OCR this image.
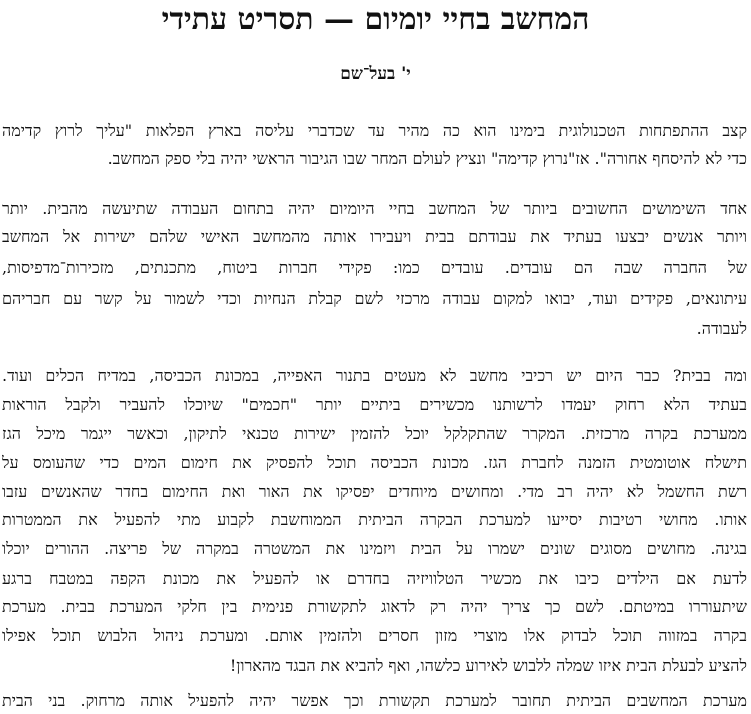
המחשב בחיי יומיום — תסריט עתידי
י' בעל־שם
קצב ההתפתחות הטכנולוגית בימינו הוא כה מהיר עד שכדברי עליסה בארץ הפלאות "עליך לרוץ קדימה
כדי לא להיסחף אחורה". אז"נרוץ קדימה" ונציץ לעולם המחר שבו הגיבור הראשי יהיה בלי ספק המחשב.
אחד השימושים החשובים ביותר של המחשב בחיי היומיום יהיה בתחום העבודה שתיעשה מהבית. יותר
ויותר אנשים יבצעו בעתיד את עבודתם בבית ויעבירו אותה מהמחשב האישי שלהם ישירות אל המחשב
של החברה שבה הם עובדים. עובדים כמו: פקידי חברות ביטוח, מתכנתים, מזכירות־מדפיסות,
עיתונאים, פקידים ועוד, יבואו למקום עבודה מרכזי לשם קבלת הנחיות וכדי לשמור על קשר עם חבריהם
לעבודה.
ומה בבית? כבר היום יש רכיבי מחשב לא מעטים בתנור האפייה, במכונת הכביסה, במדיח הכלים ועוד.
בעתיד הלא רחוק יעמדו לרשותנו מכשירים ביתיים יותר "חכמים" שיוכלו להעביר ולקבל הוראות
ממערכת בקרה מרכזית. המקרר שהתקלקל יוכל להזמין ישירות טכנאי לתיקון, וכאשר ייגמר מיכל הגז
תישלח אוטומטית הזמנה לחברת הגז. מכונת הכביסה תוכל להפסיק את חימום המים כדי שהעומס על
רשת החשמל לא יהיה רב מדי. ומחושים מיוחדים יפסיקו את האור ואת החימום בחדר שהאנשים עזבו
אותו. מחושי רטיבות יסייעו למערכת הבקרה הביתית הממוחשבת לקבוע מתי להפעיל את הממטרות
בגינה. מחושים מסוגים שונים ישמרו על הבית ויזמינו את המשטרה במקרה של פריצה. ההורים יוכלו
לדעת אם הילדים כיבו את מכשיר הטלוויזיה בחדרם או להפעיל את מכונת הקפה במטבח ברגע
שיתעוררו במיטתם. לשם כך צריך יהיה רק לדאוג לתקשורת פנימית בין חלקי המערכת בבית. מערכת
בקרה במזווה תוכל לבדוק אלו מוצרי מזון חסרים ולהזמין אותם. ומערכת ניהול הלבוש תוכל אפילו
להציע לבעלת הבית איזו שמלה ללבוש לאירוע כלשהו, ואף להביא את הבגד מהארון!
מערכת המחשבים הביתית תחובר למערכת תקשורת וכך אפשר יהיה להפעיל אותה מרחוק. בני הבית
